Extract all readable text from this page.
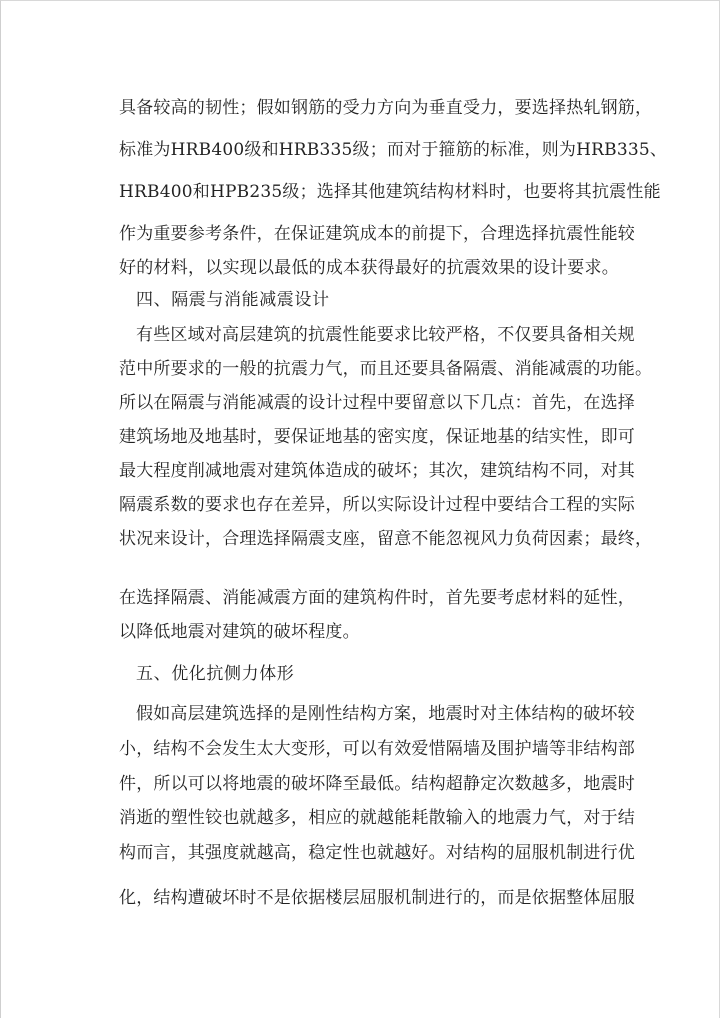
具备较高的韧性；假如钢筋的受力方向为垂直受力，要选择热轧钢筋，
标准为HRB400级和HRB335级；而对于箍筋的标准，则为HRB335、
HRB400和HPB235级；选择其他建筑结构材料时，也要将其抗震性能
作为重要参考条件，在保证建筑成本的前提下，合理选择抗震性能较
好的材料，以实现以最低的成本获得最好的抗震效果的设计要求。
四、隔震与消能减震设计
有些区域对高层建筑的抗震性能要求比较严格，不仅要具备相关规
范中所要求的一般的抗震力气，而且还要具备隔震、消能减震的功能。
所以在隔震与消能减震的设计过程中要留意以下几点：首先，在选择
建筑场地及地基时，要保证地基的密实度，保证地基的结实性，即可
最大程度削减地震对建筑体造成的破坏；其次，建筑结构不同，对其
隔震系数的要求也存在差异，所以实际设计过程中要结合工程的实际
状况来设计，合理选择隔震支座，留意不能忽视风力负荷因素；最终，
在选择隔震、消能减震方面的建筑构件时，首先要考虑材料的延性，
以降低地震对建筑的破坏程度。
五、优化抗侧力体形
假如高层建筑选择的是刚性结构方案，地震时对主体结构的破坏较
小，结构不会发生太大变形，可以有效爱惜隔墙及围护墙等非结构部
件，所以可以将地震的破坏降至最低。结构超静定次数越多，地震时
消逝的塑性铰也就越多，相应的就越能耗散输入的地震力气，对于结
构而言，其强度就越高，稳定性也就越好。对结构的屈服机制进行优
化，结构遭破坏时不是依据楼层屈服机制进行的，而是依据整体屈服
